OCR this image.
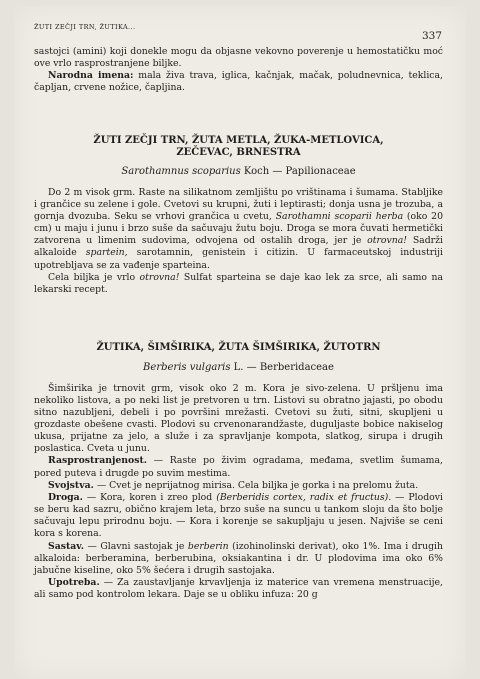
ŽUTI ZEČJI TRN, ŽUTIKA...
337

sastojci (amini) koji donekle mogu da objasne vekovno poverenje u hemostatičku moć ove vrlo rasprostranjene biljke.

Narodna imena: mala živa trava, iglica, kačnjak, mačak, poludnevnica, teklica, čapljan, crvene nožice, čapljina.

ŽUTI ZEČJI TRN, ŽUTA METLA, ŽUKA-METLOVICA,

ZEČEVAC, BRNESTRA

Sarothamnus scoparius Koch — Papilionaceae

Do 2 m visok grm. Raste na silikatnom zemljištu po vrištinama i šumama. Stabljike i grančice su zelene i gole. Cvetovi su krupni, žuti i leptirasti; donja usna je trozuba, a gornja dvozuba. Seku se vrhovi grančica u cvetu, Sarothamni scoparii herba (oko 20 cm) u maju i junu i brzo suše da sačuvaju žutu boju. Droga se mora čuvati hermetički zatvorena u limenim sudovima, odvojena od ostalih droga, jer je otrovna! Sadrži alkaloide spartein, sarotamnin, genistein i citizin. U farmaceutskoj industriji upotrebljava se za vađenje sparteina.

Cela biljka je vrlo otrovna! Sulfat sparteina se daje kao lek za srce, ali samo na lekarski recept.

ŽUTIKA, ŠIMŠIRIKA, ŽUTA ŠIMŠIRIKA, ŽUTOTRN

Berberis vulgaris L. — Berberidaceae

Šimširika je trnovit grm, visok oko 2 m. Kora je sivo-zelena. U pršljenu ima nekoliko listova, a po neki list je pretvoren u trn. Listovi su obratno jajasti, po obodu sitno nazubljeni, debeli i po površini mrežasti. Cvetovi su žuti, sitni, skupljeni u grozdaste obešene cvasti. Plodovi su crvenonarandžaste, duguljaste bobice nakiselog ukusa, prijatne za jelo, a služe i za spravljanje kompota, slatkog, sirupa i drugih poslastica. Cveta u junu.

Rasprostranjenost. — Raste po živim ogradama, međama, svetlim šumama, pored puteva i drugde po suvim mestima.

Svojstva. — Cvet je neprijatnog mirisa. Cela biljka je gorka i na prelomu žuta.

Droga. — Kora, koren i zreo plod (Berberidis cortex, radix et fructus). — Plodovi se beru kad sazru, obično krajem leta, brzo suše na suncu u tankom sloju da što bolje sačuvaju lepu prirodnu boju. — Kora i korenje se sakupljaju u jesen. Najviše se ceni kora s korena.

Sastav. — Glavni sastojak je berberin (izohinolinski derivat), oko 1%. Ima i drugih alkaloida: berberamina, berberubina, oksiakantina i dr. U plodovima ima oko 6% jabučne kiseline, oko 5% šećera i drugih sastojaka.

Upotreba. — Za zaustavljanje krvavljenja iz materice van vremena menstruacije, ali samo pod kontrolom lekara. Daje se u obliku infuza: 20 g
